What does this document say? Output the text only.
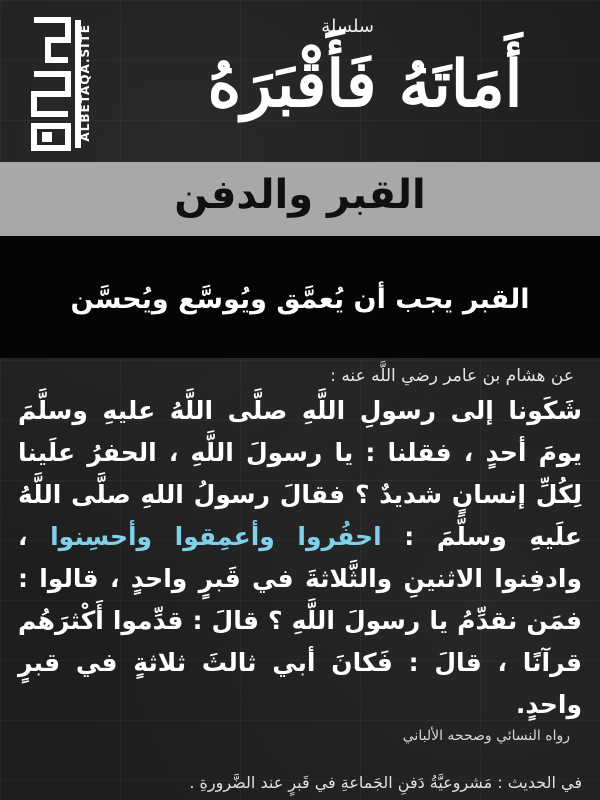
ALBETAQA.SITE	سلسلة
أَمَاتَهُ فَأَقْبَرَهُ
القبر والدفن
القبر يجب أن يُعمَّق ويُوسَّع ويُحسَّن
عن هشام بن عامر رضي اللَّه عنه :
شَكَونا إلى رسولِ اللَّهِ صلَّى اللَّهُ عليهِ وسلَّمَ يومَ أحدٍ ، فقلنا : يا رسولَ اللَّهِ ، الحفرُ علَينا لِكُلِّ إنسانٍ شديدٌ ؟ فقالَ رسولُ اللهِ صلَّى اللَّهُ علَيهِ وسلَّمَ : احفُروا وأعمِقوا وأحسِنوا ، وادفِنوا الاثنينِ والثَّلاثةَ في قَبرٍ واحدٍ ، قالوا : فمَن نقدِّمُ يا رسولَ اللَّهِ ؟ قالَ : قدِّموا أَكْثرَهُم قرآنًا ، قالَ : فَكانَ أبي ثالثَ ثلاثةٍ في قبرٍ واحدٍ.
رواه النسائي وصححه الألباني
في الحديث : مَشروعيَّةُ دَفنِ الجَماعةِ في قَبرٍ عند الضَّرورةِ .
